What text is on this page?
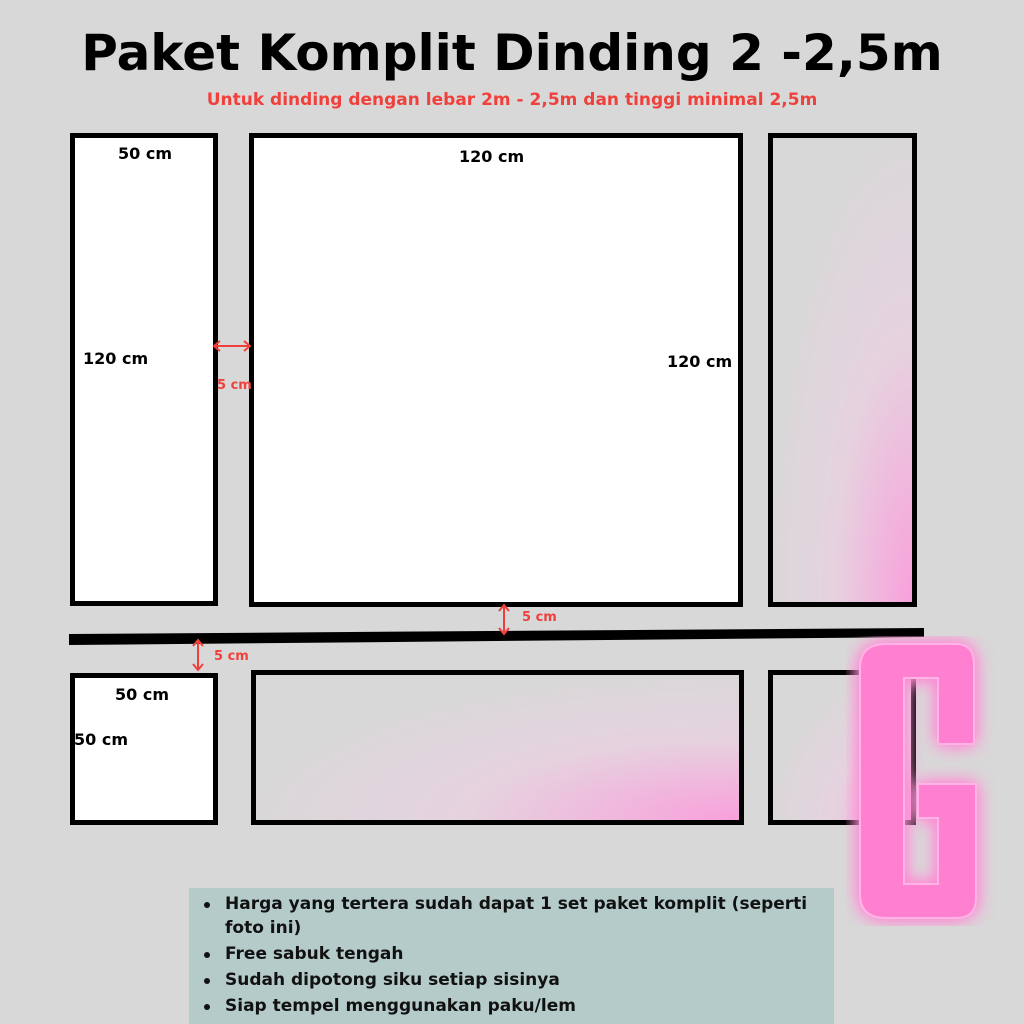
Paket Komplit Dinding 2 -2,5m
Untuk dinding dengan lebar 2m - 2,5m dan tinggi minimal 2,5m
50 cm
120 cm
120 cm
120 cm
50 cm
50 cm
5 cm
5 cm
5 cm
Harga yang tertera sudah dapat 1 set paket komplit (seperti foto ini)
Free sabuk tengah
Sudah dipotong siku setiap sisinya
Siap tempel menggunakan paku/lem
